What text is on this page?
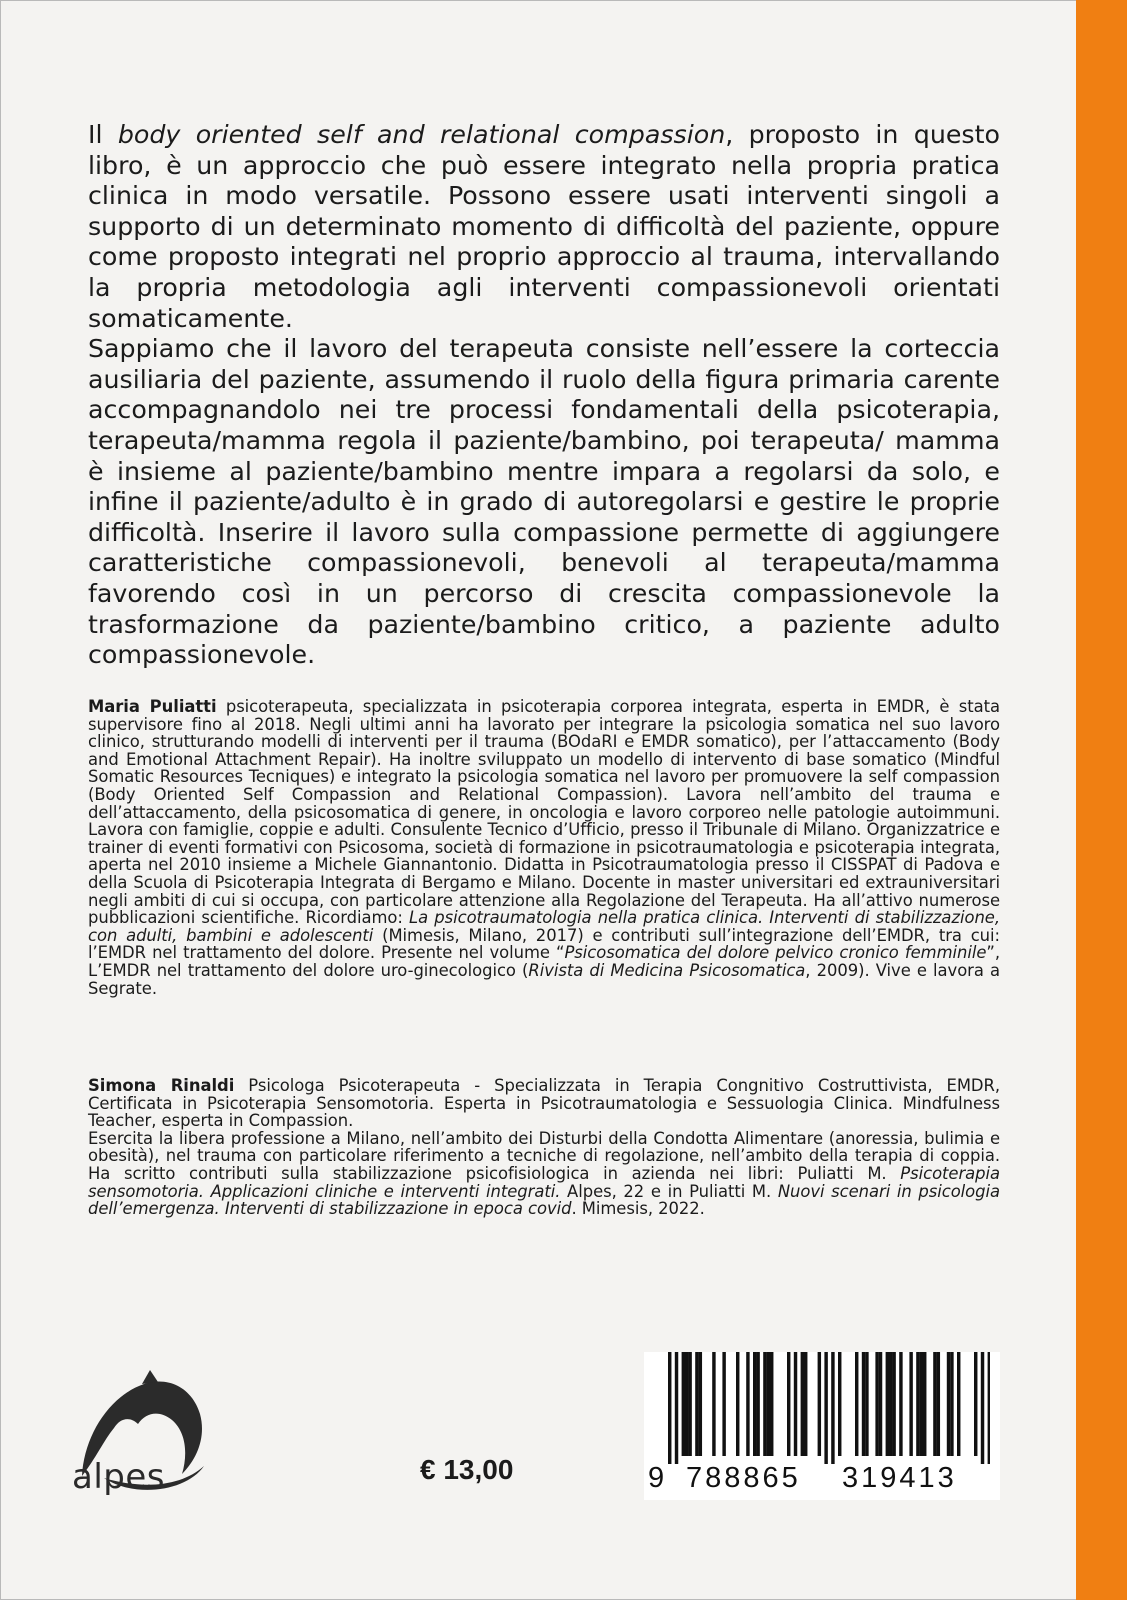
Il body oriented self and relational compassion, proposto in questo libro, è un approccio che può essere integrato nella propria pratica clinica in modo versatile. Possono essere usati interventi singoli a supporto di un determinato momento di difficoltà del paziente, oppure come proposto integrati nel proprio approccio al trauma, intervallando la propria metodologia agli interventi compassionevoli orientati somaticamente.

Sappiamo che il lavoro del terapeuta consiste nell’essere la corteccia ausiliaria del paziente, assumendo il ruolo della figura primaria carente accompagnandolo nei tre processi fondamentali della psicoterapia, terapeuta/mamma regola il paziente/bambino, poi terapeuta/ mamma è insieme al paziente/bambino mentre impara a regolarsi da solo, e infine il paziente/adulto è in grado di autoregolarsi e gestire le proprie difficoltà. Inserire il lavoro sulla compassione permette di aggiungere caratteristiche compassionevoli, benevoli al terapeuta/mamma favorendo così in un percorso di crescita compassionevole la trasformazione da paziente/bambino critico, a paziente adulto compassionevole.

Maria Puliatti psicoterapeuta, specializzata in psicoterapia corporea integrata, esperta in EMDR, è stata supervisore fino al 2018. Negli ultimi anni ha lavorato per integrare la psicologia somatica nel suo lavoro clinico, strutturando modelli di interventi per il trauma (BOdaRI e EMDR somatico), per l’attaccamento (Body and Emotional Attachment Repair). Ha inoltre sviluppato un modello di intervento di base somatico (Mindful Somatic Resources Tecniques) e integrato la psicologia somatica nel lavoro per promuovere la self compassion (Body Oriented Self Compassion and Relational Compassion). Lavora nell’ambito del trauma e dell’attaccamento, della psicosomatica di genere, in oncologia e lavoro corporeo nelle patologie autoimmuni. Lavora con famiglie, coppie e adulti. Consulente Tecnico d’Ufficio, presso il Tribunale di Milano. Organizzatrice e trainer di eventi formativi con Psicosoma, società di formazione in psicotraumatologia e psicoterapia integrata, aperta nel 2010 insieme a Michele Giannantonio. Didatta in Psicotraumatologia presso il CISSPAT di Padova e della Scuola di Psicoterapia Integrata di Bergamo e Milano. Docente in master universitari ed extrauniversitari negli ambiti di cui si occupa, con particolare attenzione alla Regolazione del Terapeuta. Ha all’attivo numerose pubblicazioni scientifiche. Ricordiamo: La psicotraumatologia nella pratica clinica. Interventi di stabilizzazione, con adulti, bambini e adolescenti (Mimesis, Milano, 2017) e contributi sull’integrazione dell’EMDR, tra cui: l’EMDR nel trattamento del dolore. Presente nel volume “Psicosomatica del dolore pelvico cronico femminile”, L’EMDR nel trattamento del dolore uro-ginecologico (Rivista di Medicina Psicosomatica, 2009). Vive e lavora a Segrate.

Simona Rinaldi Psicologa Psicoterapeuta - Specializzata in Terapia Congnitivo Costruttivista, EMDR, Certificata in Psicoterapia Sensomotoria. Esperta in Psicotraumatologia e Sessuologia Clinica. Mindfulness Teacher, esperta in Compassion.

Esercita la libera professione a Milano, nell’ambito dei Disturbi della Condotta Alimentare (anoressia, bulimia e obesità), nel trauma con particolare riferimento a tecniche di regolazione, nell’ambito della terapia di coppia. Ha scritto contributi sulla stabilizzazione psicofisiologica in azienda nei libri: Puliatti M. Psicoterapia sensomotoria. Applicazioni cliniche e interventi integrati. Alpes, 22 e in Puliatti M. Nuovi scenari in psicologia dell’emergenza. Interventi di stabilizzazione in epoca covid. Mimesis, 2022.

alpes	€ 13,00	9 788865 319413
